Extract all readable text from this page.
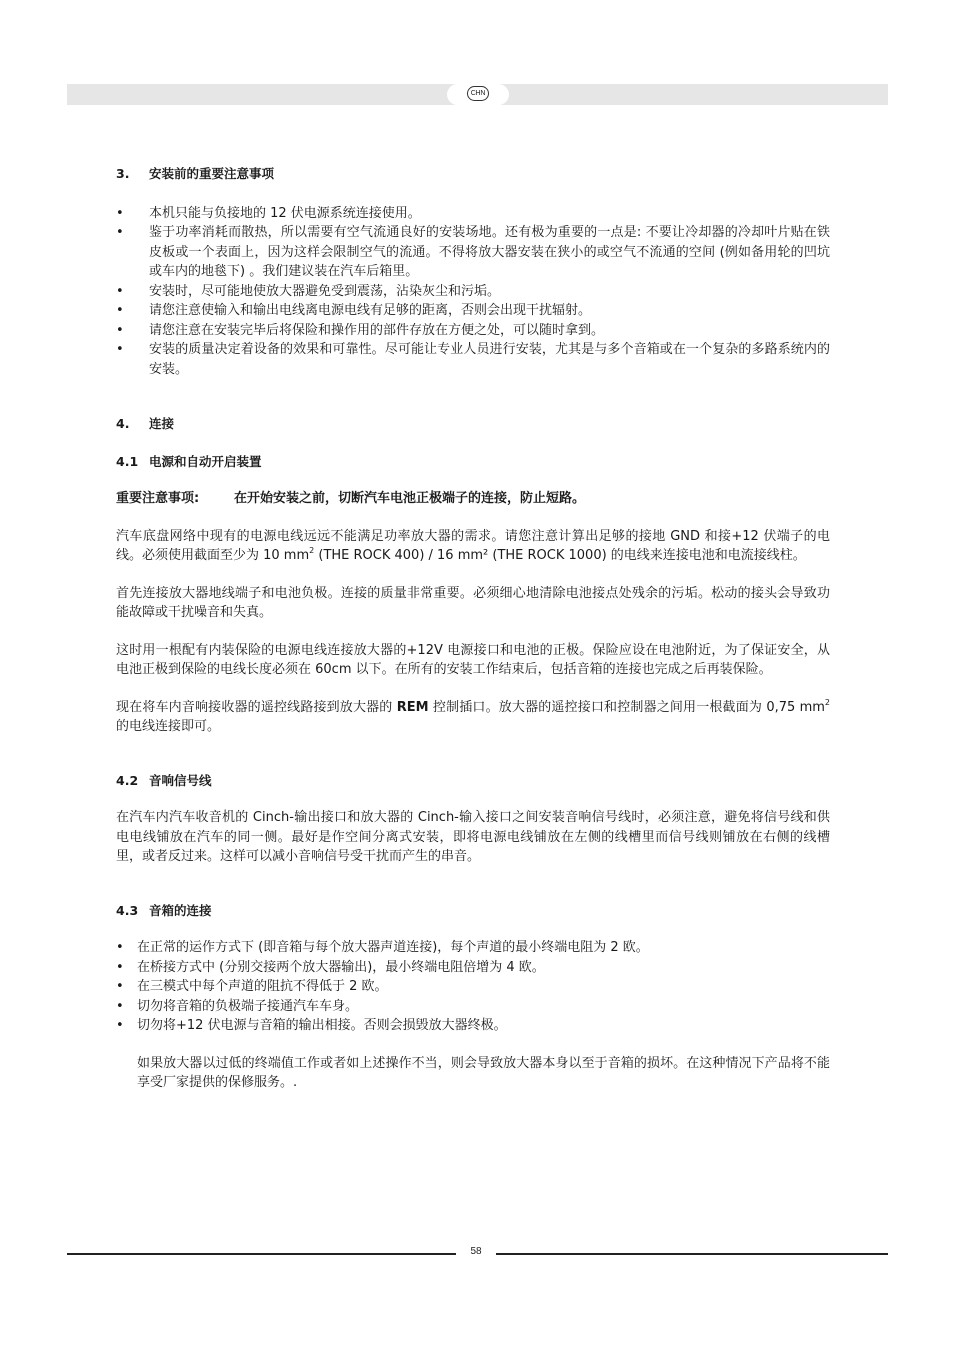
CHN

3. 安装前的重要注意事项

• 本机只能与负接地的 12 伏电源系统连接使用。
• 鉴于功率消耗而散热，所以需要有空气流通良好的安装场地。还有极为重要的一点是: 不要让冷却器的冷却叶片贴在铁皮板或一个表面上，因为这样会限制空气的流通。不得将放大器安装在狭小的或空气不流通的空间 (例如备用轮的凹坑或车内的地毯下) 。我们建议装在汽车后箱里。
• 安装时，尽可能地使放大器避免受到震荡，沾染灰尘和污垢。
• 请您注意使输入和输出电线离电源电线有足够的距离，否则会出现干扰辐射。
• 请您注意在安装完毕后将保险和操作用的部件存放在方便之处，可以随时拿到。
• 安装的质量决定着设备的效果和可靠性。尽可能让专业人员进行安装，尤其是与多个音箱或在一个复杂的多路系统内的安装。

4. 连接

4.1 电源和自动开启装置

重要注意事项:	在开始安装之前，切断汽车电池正极端子的连接，防止短路。

汽车底盘网络中现有的电源电线远远不能满足功率放大器的需求。请您注意计算出足够的接地 GND 和接+12 伏端子的电线。必须使用截面至少为 10 $mm^2$ (THE ROCK 400) / 16 mm² (THE ROCK 1000) 的电线来连接电池和电流接线柱。

首先连接放大器地线端子和电池负极。连接的质量非常重要。必须细心地清除电池接点处残余的污垢。松动的接头会导致功能故障或干扰噪音和失真。

这时用一根配有内装保险的电源电线连接放大器的+12V 电源接口和电池的正极。保险应设在电池附近，为了保证安全，从电池正极到保险的电线长度必须在 60cm 以下。在所有的安装工作结束后，包括音箱的连接也完成之后再装保险。

现在将车内音响接收器的遥控线路接到放大器的 REM 控制插口。放大器的遥控接口和控制器之间用一根截面为 0,75 $mm^2$ 的电线连接即可。

4.2 音响信号线

在汽车内汽车收音机的 Cinch-输出接口和放大器的 Cinch-输入接口之间安装音响信号线时，必须注意，避免将信号线和供电电线铺放在汽车的同一侧。最好是作空间分离式安装，即将电源电线铺放在左侧的线槽里而信号线则铺放在右侧的线槽里，或者反过来。这样可以减小音响信号受干扰而产生的串音。

4.3 音箱的连接

• 在正常的运作方式下 (即音箱与每个放大器声道连接)，每个声道的最小终端电阻为 2 欧。
• 在桥接方式中 (分别交接两个放大器输出)，最小终端电阻倍增为 4 欧。
• 在三模式中每个声道的阻抗不得低于 2 欧。
• 切勿将音箱的负极端子接通汽车车身。
• 切勿将+12 伏电源与音箱的输出相接。否则会损毁放大器终极。

如果放大器以过低的终端值工作或者如上述操作不当，则会导致放大器本身以至于音箱的损坏。在这种情况下产品将不能享受厂家提供的保修服务。.

58
